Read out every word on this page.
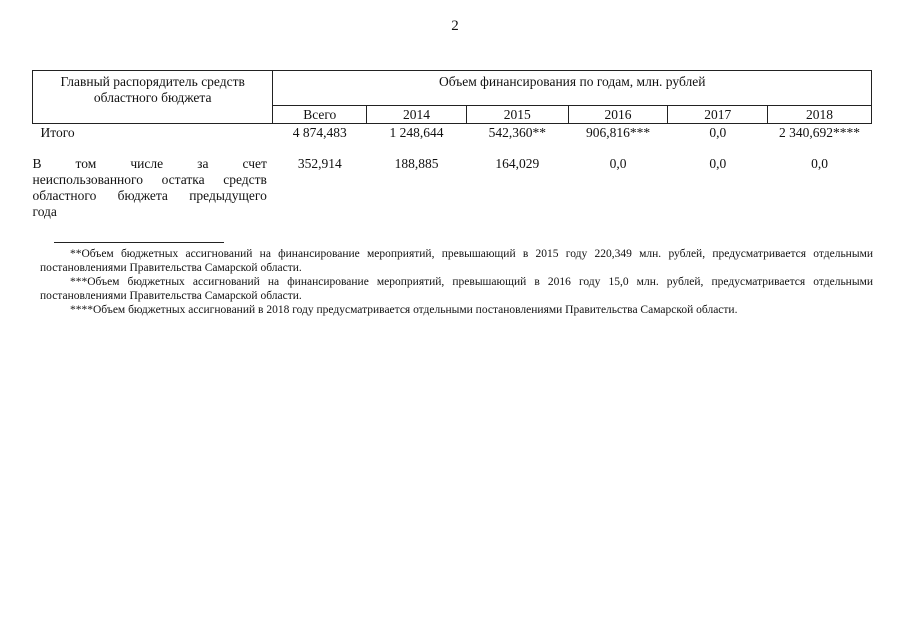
2
Главный распорядитель средств областного бюджета	Объем финансирования по годам, млн. рублей					
	Всего	2014	2015	2016	2017	2018
Итого	4 874,483	1 248,644	542,360**	906,816***	0,0	2 340,692****

В том числе за счет
неиспользованного остатка средств
областного бюджета предыдущего
года	352,914	188,885	164,029	0,0	0,0	0,0

**Объем бюджетных ассигнований на финансирование мероприятий, превышающий в 2015 году 220,349 млн. рублей, предусматривается отдельными постановлениями Правительства Самарской области.

***Объем бюджетных ассигнований на финансирование мероприятий, превышающий в 2016 году 15,0 млн. рублей, предусматривается отдельными постановлениями Правительства Самарской области.

****Объем бюджетных ассигнований в 2018 году предусматривается отдельными постановлениями Правительства Самарской области.
